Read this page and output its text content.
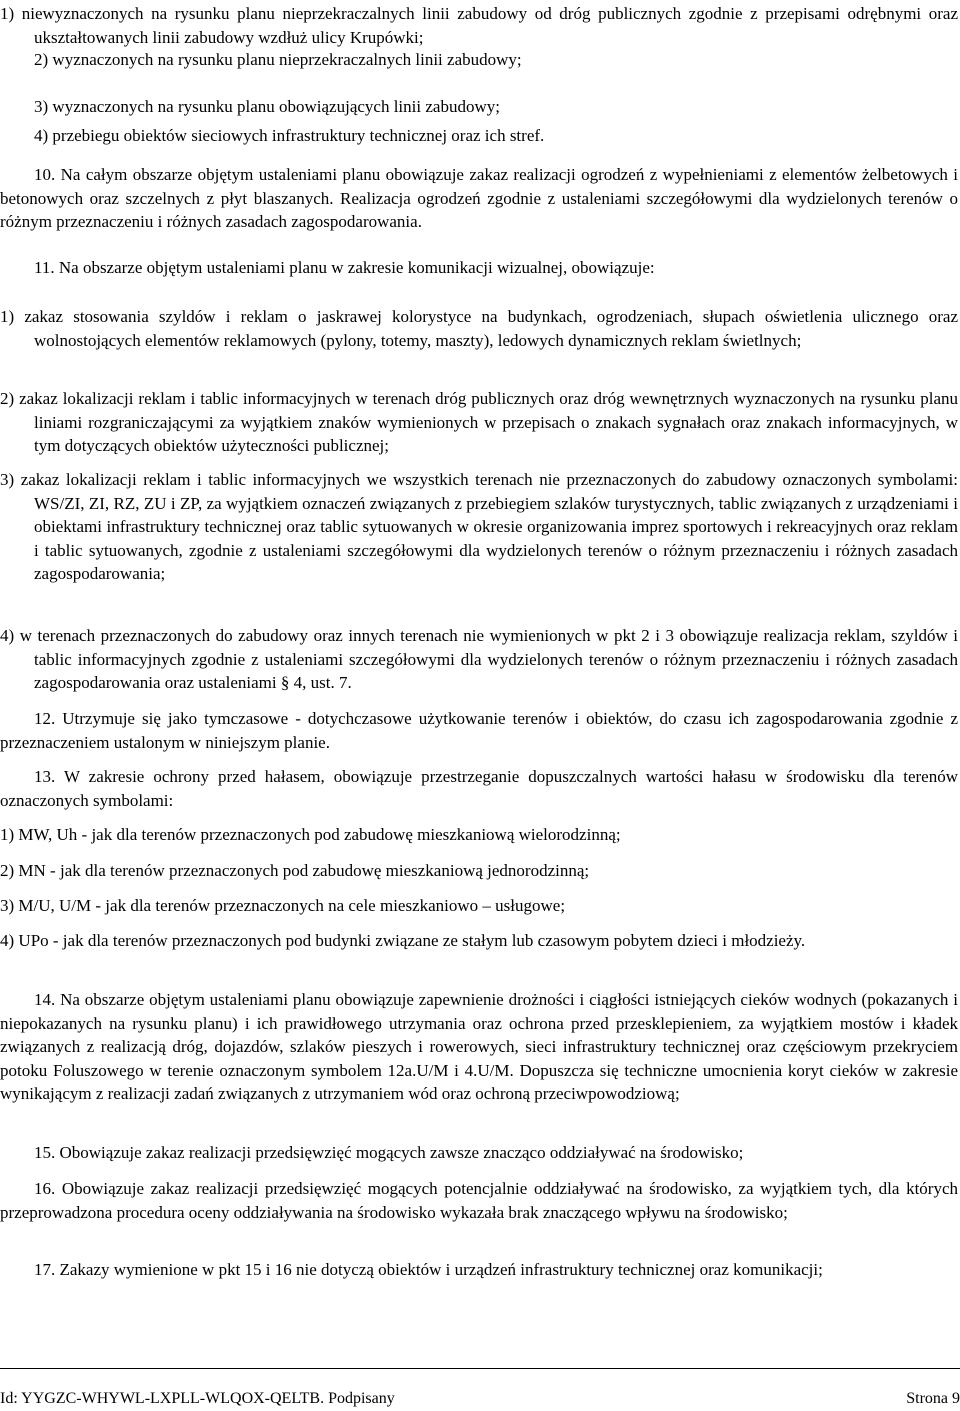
1) niewyznaczonych na rysunku planu nieprzekraczalnych linii zabudowy od dróg publicznych zgodnie z przepisami odrębnymi oraz ukształtowanych linii zabudowy wzdłuż ulicy Krupówki;

2) wyznaczonych na rysunku planu nieprzekraczalnych linii zabudowy;

3) wyznaczonych na rysunku planu obowiązujących linii zabudowy;

4) przebiegu obiektów sieciowych infrastruktury technicznej oraz ich stref.

10. Na całym obszarze objętym ustaleniami planu obowiązuje zakaz realizacji ogrodzeń z wypełnieniami z elementów żelbetowych i betonowych oraz szczelnych z płyt blaszanych. Realizacja ogrodzeń zgodnie z ustaleniami szczegółowymi dla wydzielonych terenów o różnym przeznaczeniu i różnych zasadach zagospodarowania.

11. Na obszarze objętym ustaleniami planu w zakresie komunikacji wizualnej, obowiązuje:

1) zakaz stosowania szyldów i reklam o jaskrawej kolorystyce na budynkach, ogrodzeniach, słupach oświetlenia ulicznego oraz wolnostojących elementów reklamowych (pylony, totemy, maszty), ledowych dynamicznych reklam świetlnych;

2) zakaz lokalizacji reklam i tablic informacyjnych w terenach dróg publicznych oraz dróg wewnętrznych wyznaczonych na rysunku planu liniami rozgraniczającymi za wyjątkiem znaków wymienionych w przepisach o znakach sygnałach oraz znakach informacyjnych, w tym dotyczących obiektów użyteczności publicznej;

3) zakaz lokalizacji reklam i tablic informacyjnych we wszystkich terenach nie przeznaczonych do zabudowy oznaczonych symbolami: WS/ZI, ZI, RZ, ZU i ZP, za wyjątkiem oznaczeń związanych z przebiegiem szlaków turystycznych, tablic związanych z urządzeniami i obiektami infrastruktury technicznej oraz tablic sytuowanych w okresie organizowania imprez sportowych i rekreacyjnych oraz reklam i tablic sytuowanych, zgodnie z ustaleniami szczegółowymi dla wydzielonych terenów o różnym przeznaczeniu i różnych zasadach zagospodarowania;

4) w terenach przeznaczonych do zabudowy oraz innych terenach nie wymienionych w pkt 2 i 3 obowiązuje realizacja reklam, szyldów i tablic informacyjnych zgodnie z ustaleniami szczegółowymi dla wydzielonych terenów o różnym przeznaczeniu i różnych zasadach zagospodarowania oraz ustaleniami § 4, ust. 7.

12. Utrzymuje się jako tymczasowe - dotychczasowe użytkowanie terenów i obiektów, do czasu ich zagospodarowania zgodnie z przeznaczeniem ustalonym w niniejszym planie.

13. W zakresie ochrony przed hałasem, obowiązuje przestrzeganie dopuszczalnych wartości hałasu w środowisku dla terenów oznaczonych symbolami:

1) MW, Uh - jak dla terenów przeznaczonych pod zabudowę mieszkaniową wielorodzinną;

2) MN - jak dla terenów przeznaczonych pod zabudowę mieszkaniową jednorodzinną;

3) M/U, U/M - jak dla terenów przeznaczonych na cele mieszkaniowo – usługowe;

4) UPo - jak dla terenów przeznaczonych pod budynki związane ze stałym lub czasowym pobytem dzieci i młodzieży.

14. Na obszarze objętym ustaleniami planu obowiązuje zapewnienie drożności i ciągłości istniejących cieków wodnych (pokazanych i niepokazanych na rysunku planu) i ich prawidłowego utrzymania oraz ochrona przed przesklepieniem, za wyjątkiem mostów i kładek związanych z realizacją dróg, dojazdów, szlaków pieszych i rowerowych, sieci infrastruktury technicznej oraz częściowym przekryciem potoku Foluszowego w terenie oznaczonym symbolem 12a.U/M i 4.U/M. Dopuszcza się techniczne umocnienia koryt cieków w zakresie wynikającym z realizacji zadań związanych z utrzymaniem wód oraz ochroną przeciwpowodziową;

15. Obowiązuje zakaz realizacji przedsięwzięć mogących zawsze znacząco oddziaływać na środowisko;

16. Obowiązuje zakaz realizacji przedsięwzięć mogących potencjalnie oddziaływać na środowisko, za wyjątkiem tych, dla których przeprowadzona procedura oceny oddziaływania na środowisko wykazała brak znaczącego wpływu na środowisko;

17. Zakazy wymienione w pkt 15 i 16 nie dotyczą obiektów i urządzeń infrastruktury technicznej oraz komunikacji;

Id: YYGZC-WHYWL-LXPLL-WLQOX-QELTB. Podpisany	Strona 9
